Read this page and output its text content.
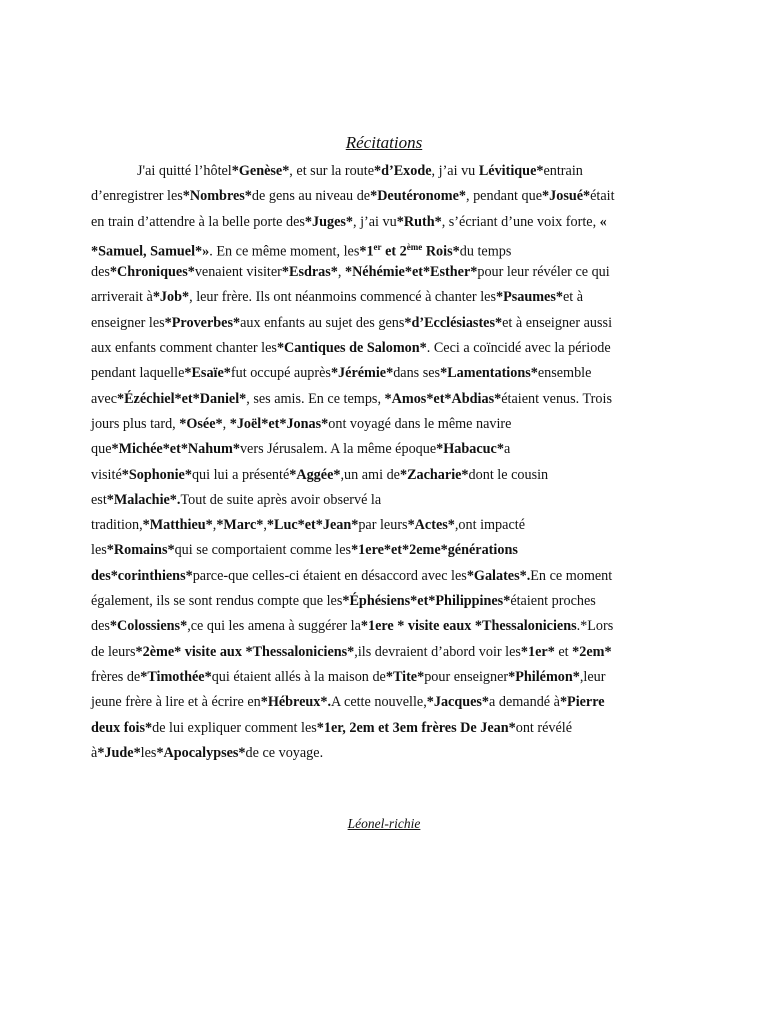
Récitations
J'ai quitté l’hôtel*Genèse*, et sur la route*d’Exode, j’ai vu Lévitique*entrain
d’enregistrer les*Nombres*de gens au niveau de*Deutéronome*, pendant que*Josué*était
en train d’attendre à la belle porte des*Juges*, j’ai vu*Ruth*, s’écriant d’une voix forte, «
*Samuel, Samuel*». En ce même moment, les*1er et 2ème Rois*du temps
des*Chroniques*venaient visiter*Esdras*, *Néhémie*et*Esther*pour leur révéler ce qui
arriverait à*Job*, leur frère. Ils ont néanmoins commencé à chanter les*Psaumes*et à
enseigner les*Proverbes*aux enfants au sujet des gens*d’Ecclésiastes*et à enseigner aussi
aux enfants comment chanter les*Cantiques de Salomon*. Ceci a coïncidé avec la période
pendant laquelle*Esaïe*fut occupé auprès*Jérémie*dans ses*Lamentations*ensemble
avec*Ézéchiel*et*Daniel*, ses amis. En ce temps, *Amos*et*Abdias*étaient venus. Trois
jours plus tard, *Osée*, *Joël*et*Jonas*ont voyagé dans le même navire
que*Michée*et*Nahum*vers Jérusalem. A la même époque*Habacuc*a
visité*Sophonie*qui lui a présenté*Aggée*,un ami de*Zacharie*dont le cousin
est*Malachie*.Tout de suite après avoir observé la
tradition,*Matthieu*,*Marc*,*Luc*et*Jean*par leurs*Actes*,ont impacté
les*Romains*qui se comportaient comme les*1ere*et*2eme*générations
des*corinthiens*parce-que celles-ci étaient en désaccord avec les*Galates*.En ce moment
également, ils se sont rendus compte que les*Éphésiens*et*Philippines*étaient proches
des*Colossiens*,ce qui les amena à suggérer la*1ere * visite eaux *Thessaloniciens.*Lors
de leurs*2ème* visite aux *Thessaloniciens*,ils devraient d’abord voir les*1er* et *2em*
frères de*Timothée*qui étaient allés à la maison de*Tite*pour enseigner*Philémon*,leur
jeune frère à lire et à écrire en*Hébreux*.A cette nouvelle,*Jacques*a demandé à*Pierre
deux fois*de lui expliquer comment les*1er, 2em et 3em frères De Jean*ont révélé
à*Jude*les*Apocalypses*de ce voyage.
Léonel-richie
